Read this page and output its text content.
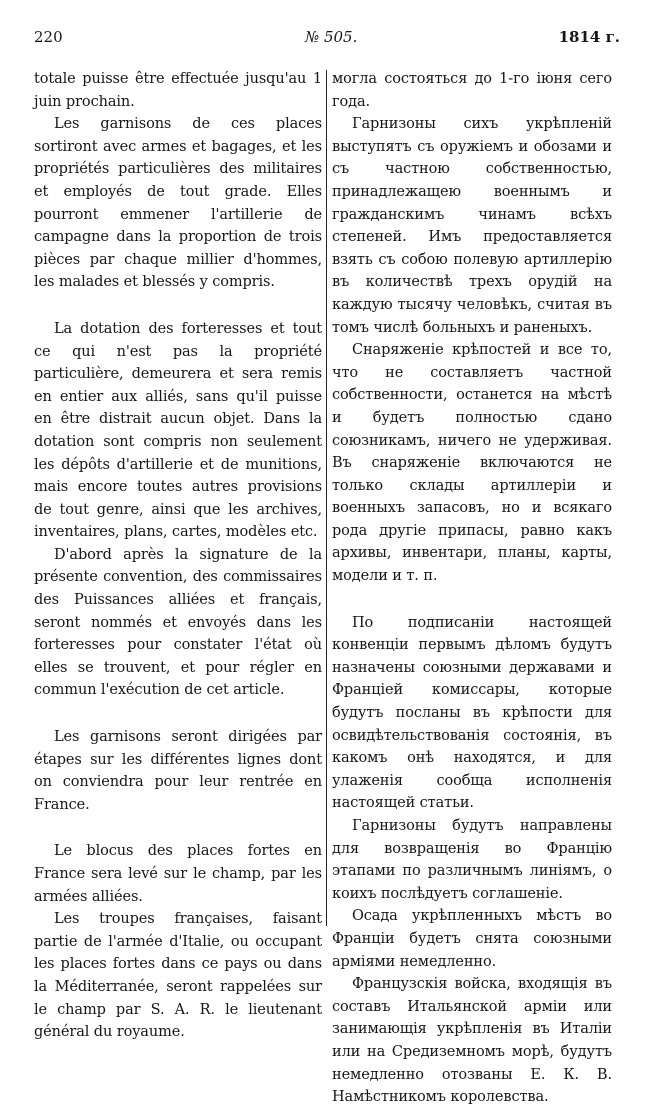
220	№ 505.	1814 г.

totale puisse être effectuée jusqu'au 1 juin prochain.

Les garnisons de ces places sortiront avec armes et bagages, et les propriétés particulières des militaires et employés de tout grade. Elles pourront emmener l'artillerie de campagne dans la proportion de trois pièces par chaque millier d'hommes, les malades et blessés y compris.

La dotation des forteresses et tout ce qui n'est pas la propriété particulière, demeurera et sera remis en entier aux alliés, sans qu'il puisse en être distrait aucun objet. Dans la dotation sont compris non seulement les dépôts d'artillerie et de munitions, mais encore toutes autres provisions de tout genre, ainsi que les archives, inventaires, plans, cartes, modèles etc.

D'abord après la signature de la présente convention, des commissaires des Puissances alliées et français, seront nommés et envoyés dans les forteresses pour constater l'état où elles se trouvent, et pour régler en commun l'exécution de cet article.

Les garnisons seront dirigées par étapes sur les différentes lignes dont on conviendra pour leur rentrée en France.

Le blocus des places fortes en France sera levé sur le champ, par les armées alliées.

Les troupes françaises, faisant partie de l'armée d'Italie, ou occupant les places fortes dans ce pays ou dans la Méditerranée, seront rappelées sur le champ par S. A. R. le lieutenant général du royaume.

могла состояться до 1-го іюня сего года.

Гарнизоны сихъ укрѣпленій выступятъ съ оружіемъ и обозами и съ частною собственностью, принадлежащею военнымъ и гражданскимъ чинамъ всѣхъ степеней. Имъ предоставляется взять съ собою полевую артиллерію въ количествѣ трехъ орудій на каждую тысячу человѣкъ, считая въ томъ числѣ больныхъ и раненыхъ.

Снаряженіе крѣпостей и все то, что не составляетъ частной собственности, останется на мѣстѣ и будетъ полностью сдано союзникамъ, ничего не удерживая. Въ снаряженіе включаются не только склады артиллеріи и военныхъ запасовъ, но и всякаго рода другіе припасы, равно какъ архивы, инвентари, планы, карты, модели и т. п.

По подписаніи настоящей конвенціи первымъ дѣломъ будутъ назначены союзными державами и Франціей комиссары, которые будутъ посланы въ крѣпости для освидѣтельствованія состоянія, въ какомъ онѣ находятся, и для улаженія сообща исполненія настоящей статьи.

Гарнизоны будутъ направлены для возвращенія во Францію этапами по различнымъ линіямъ, о коихъ послѣдуетъ соглашеніе.

Осада укрѣпленныхъ мѣстъ во Франціи будетъ снята союзными арміями немедленно.

Французскія войска, входящія въ составъ Итальянской арміи или занимающія укрѣпленія въ Италіи или на Средиземномъ морѣ, будутъ немедленно отозваны Е. К. В. Намѣстникомъ королевства.
